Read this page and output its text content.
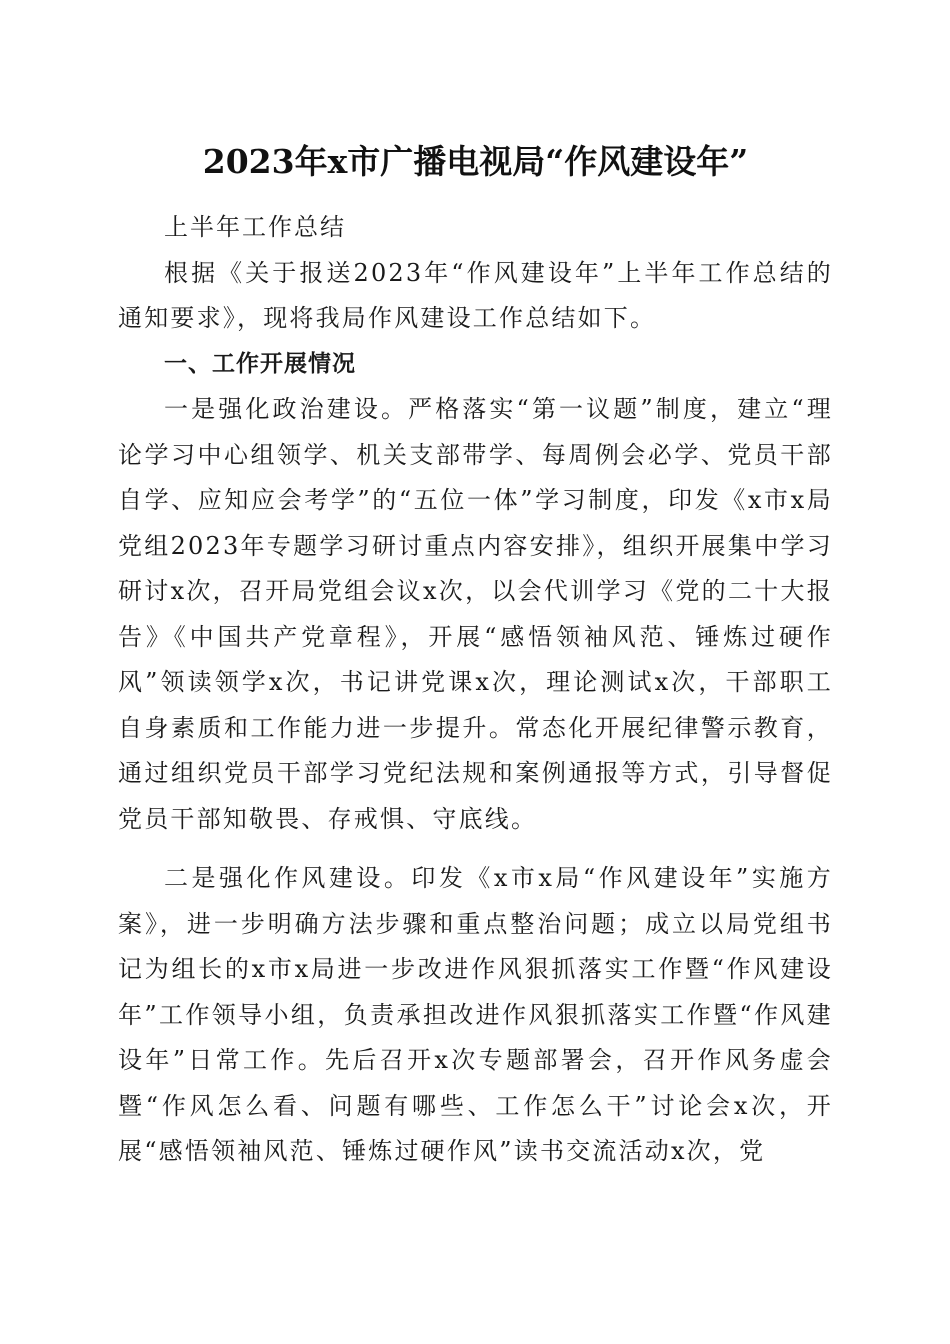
2023年x市广播电视局“作风建设年”

上半年工作总结

根据《关于报送2023年“作风建设年”上半年工作总结的通知要求》，现将我局作风建设工作总结如下。

一、工作开展情况

一是强化政治建设。严格落实“第一议题”制度，建立“理论学习中心组领学、机关支部带学、每周例会必学、党员干部自学、应知应会考学”的“五位一体”学习制度，印发《x市x局党组2023年专题学习研讨重点内容安排》，组织开展集中学习研讨x次，召开局党组会议x次，以会代训学习《党的二十大报告》《中国共产党章程》，开展“感悟领袖风范、锤炼过硬作风”领读领学x次，书记讲党课x次，理论测试x次，干部职工自身素质和工作能力进一步提升。常态化开展纪律警示教育，通过组织党员干部学习党纪法规和案例通报等方式，引导督促党员干部知敬畏、存戒惧、守底线。

二是强化作风建设。印发《x市x局“作风建设年”实施方案》，进一步明确方法步骤和重点整治问题；成立以局党组书记为组长的x市x局进一步改进作风狠抓落实工作暨“作风建设年”工作领导小组，负责承担改进作风狠抓落实工作暨“作风建设年”日常工作。先后召开x次专题部署会，召开作风务虚会暨“作风怎么看、问题有哪些、工作怎么干”讨论会x次，开展“感悟领袖风范、锤炼过硬作风”读书交流活动x次，党
